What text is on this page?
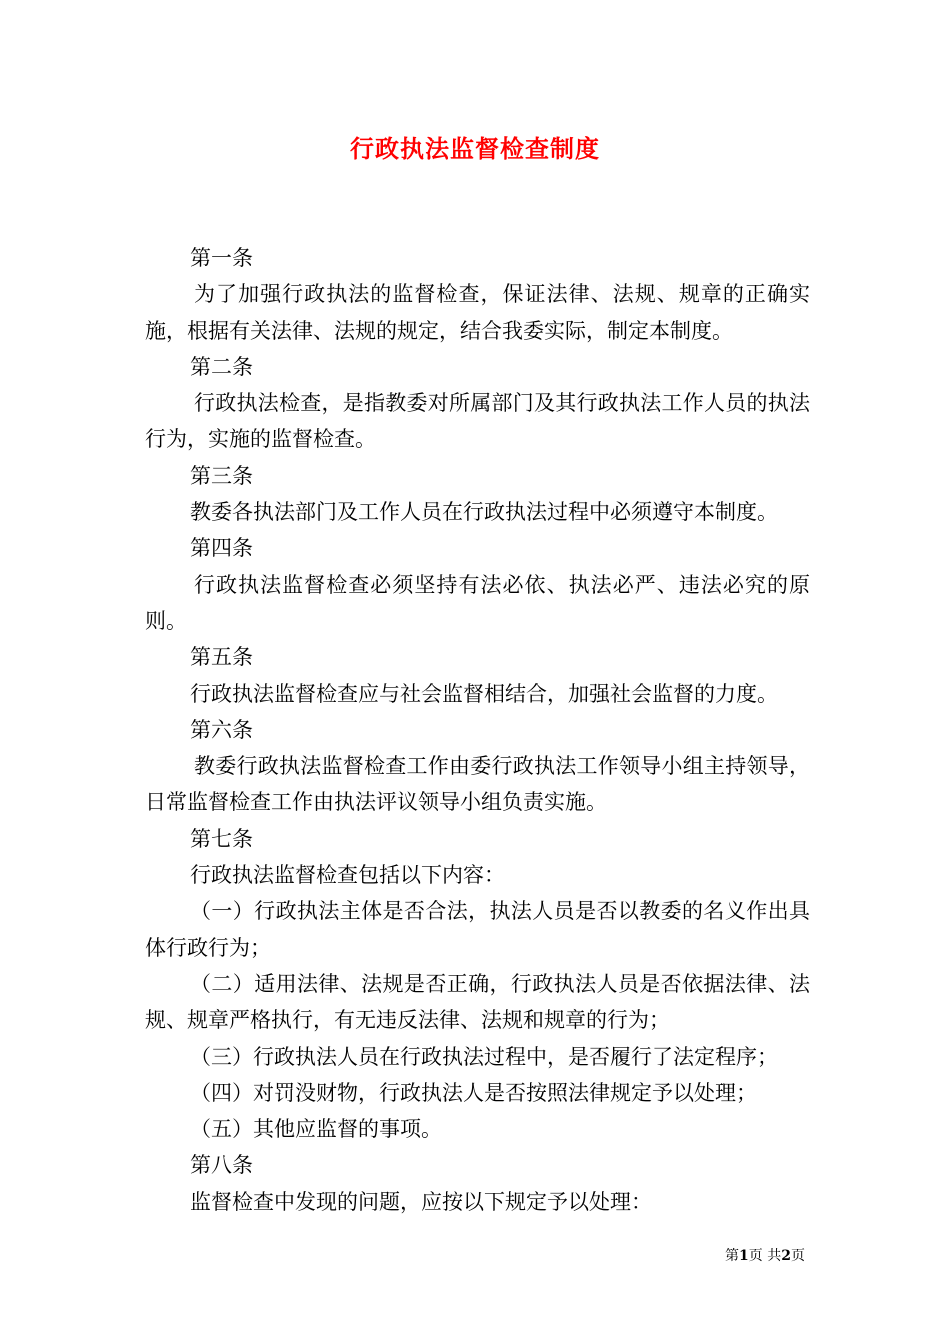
行政执法监督检查制度

第一条

为了加强行政执法的监督检查，保证法律、法规、规章的正确实施，根据有关法律、法规的规定，结合我委实际，制定本制度。

第二条

行政执法检查，是指教委对所属部门及其行政执法工作人员的执法行为，实施的监督检查。

第三条

教委各执法部门及工作人员在行政执法过程中必须遵守本制度。

第四条

行政执法监督检查必须坚持有法必依、执法必严、违法必究的原则。

第五条

行政执法监督检查应与社会监督相结合，加强社会监督的力度。

第六条

教委行政执法监督检查工作由委行政执法工作领导小组主持领导，日常监督检查工作由执法评议领导小组负责实施。

第七条

行政执法监督检查包括以下内容：

（一）行政执法主体是否合法，执法人员是否以教委的名义作出具体行政行为；

（二）适用法律、法规是否正确，行政执法人员是否依据法律、法规、规章严格执行，有无违反法律、法规和规章的行为；

（三）行政执法人员在行政执法过程中，是否履行了法定程序；

（四）对罚没财物，行政执法人是否按照法律规定予以处理；

（五）其他应监督的事项。

第八条

监督检查中发现的问题，应按以下规定予以处理：

第1页 共2页
